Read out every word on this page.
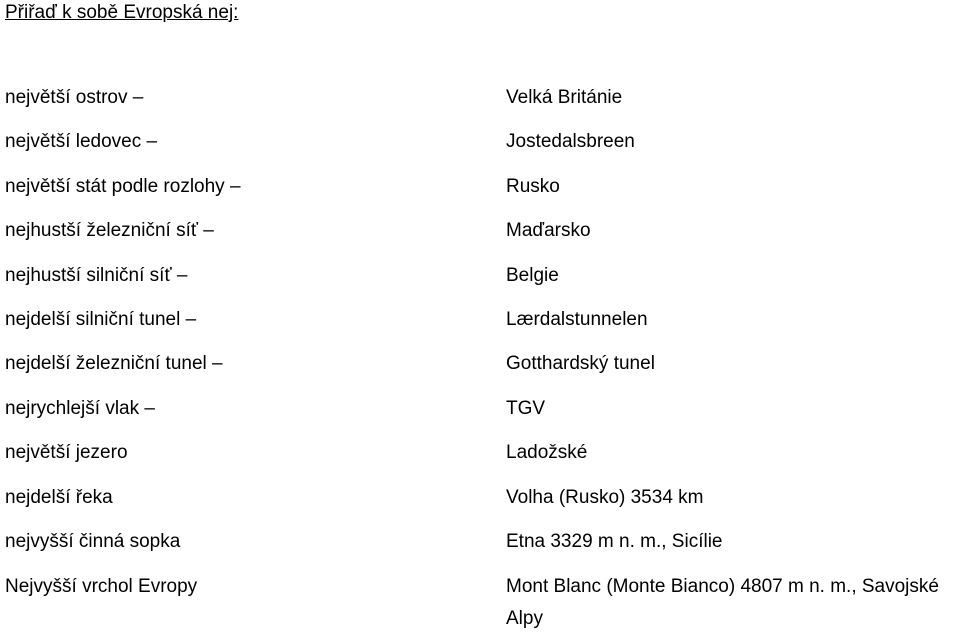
Přiřaď k sobě Evropská nej:
největší ostrov –
největší ledovec –
největší stát podle rozlohy –
nejhustší železniční síť –
nejhustší silniční síť –
nejdelší silniční tunel –
nejdelší železniční tunel –
nejrychlejší vlak –
největší jezero
nejdelší řeka
nejvyšší činná sopka
Nejvyšší vrchol Evropy
Velká Británie
Jostedalsbreen
Rusko
Maďarsko
Belgie
Lærdalstunnelen
Gotthardský tunel
TGV
Ladožské
Volha (Rusko) 3534 km
Etna 3329 m n. m., Sicílie
Mont Blanc (Monte Bianco) 4807 m n. m., Savojské Alpy
